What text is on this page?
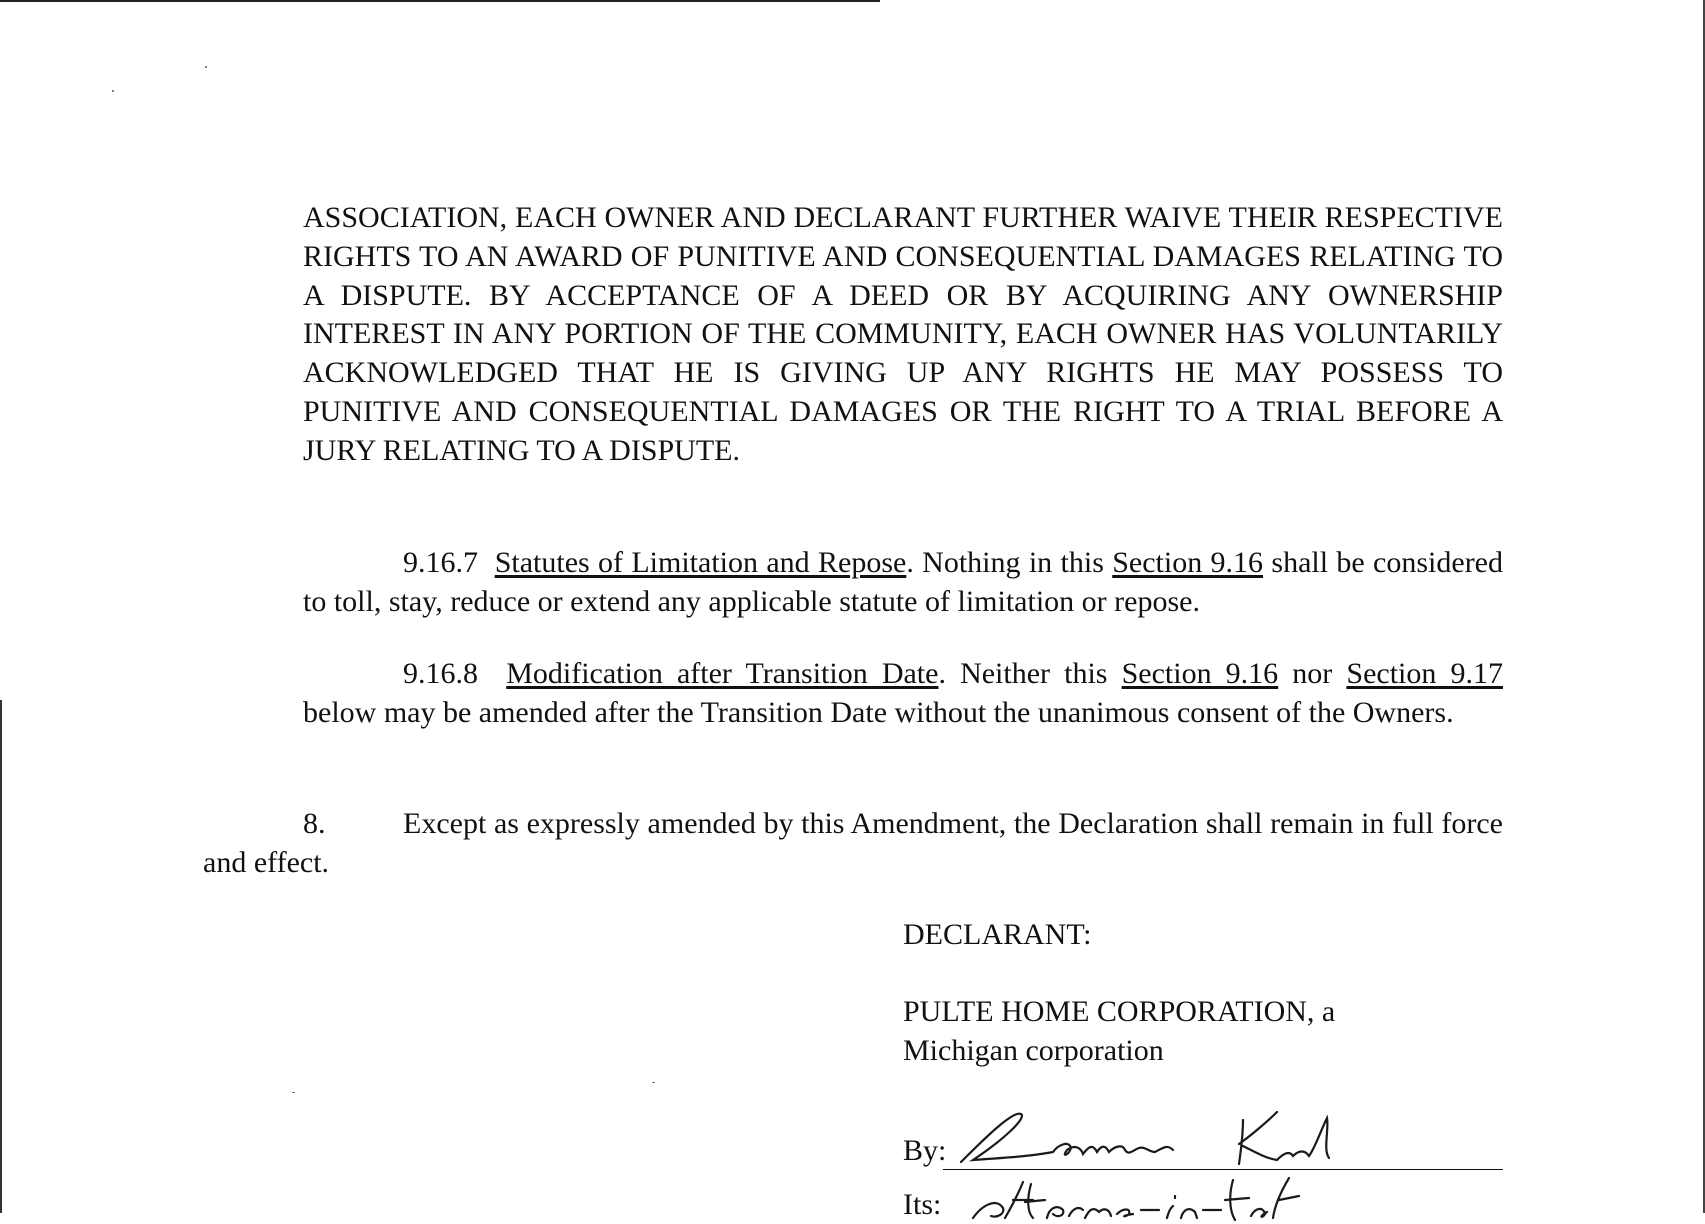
ASSOCIATION, EACH OWNER AND DECLARANT FURTHER WAIVE THEIR RESPECTIVE RIGHTS TO AN AWARD OF PUNITIVE AND CONSEQUENTIAL DAMAGES RELATING TO A DISPUTE. BY ACCEPTANCE OF A DEED OR BY ACQUIRING ANY OWNERSHIP INTEREST IN ANY PORTION OF THE COMMUNITY, EACH OWNER HAS VOLUNTARILY ACKNOWLEDGED THAT HE IS GIVING UP ANY RIGHTS HE MAY POSSESS TO PUNITIVE AND CONSEQUENTIAL DAMAGES OR THE RIGHT TO A TRIAL BEFORE A JURY RELATING TO A DISPUTE.

9.16.7 Statutes of Limitation and Repose. Nothing in this Section 9.16 shall be considered to toll, stay, reduce or extend any applicable statute of limitation or repose.

9.16.8 Modification after Transition Date. Neither this Section 9.16 nor Section 9.17 below may be amended after the Transition Date without the unanimous consent of the Owners.

8.	Except as expressly amended by this Amendment, the Declaration shall remain in full force and effect.

DECLARANT:
PULTE HOME CORPORATION, a
Michigan corporation
By:
Its:
